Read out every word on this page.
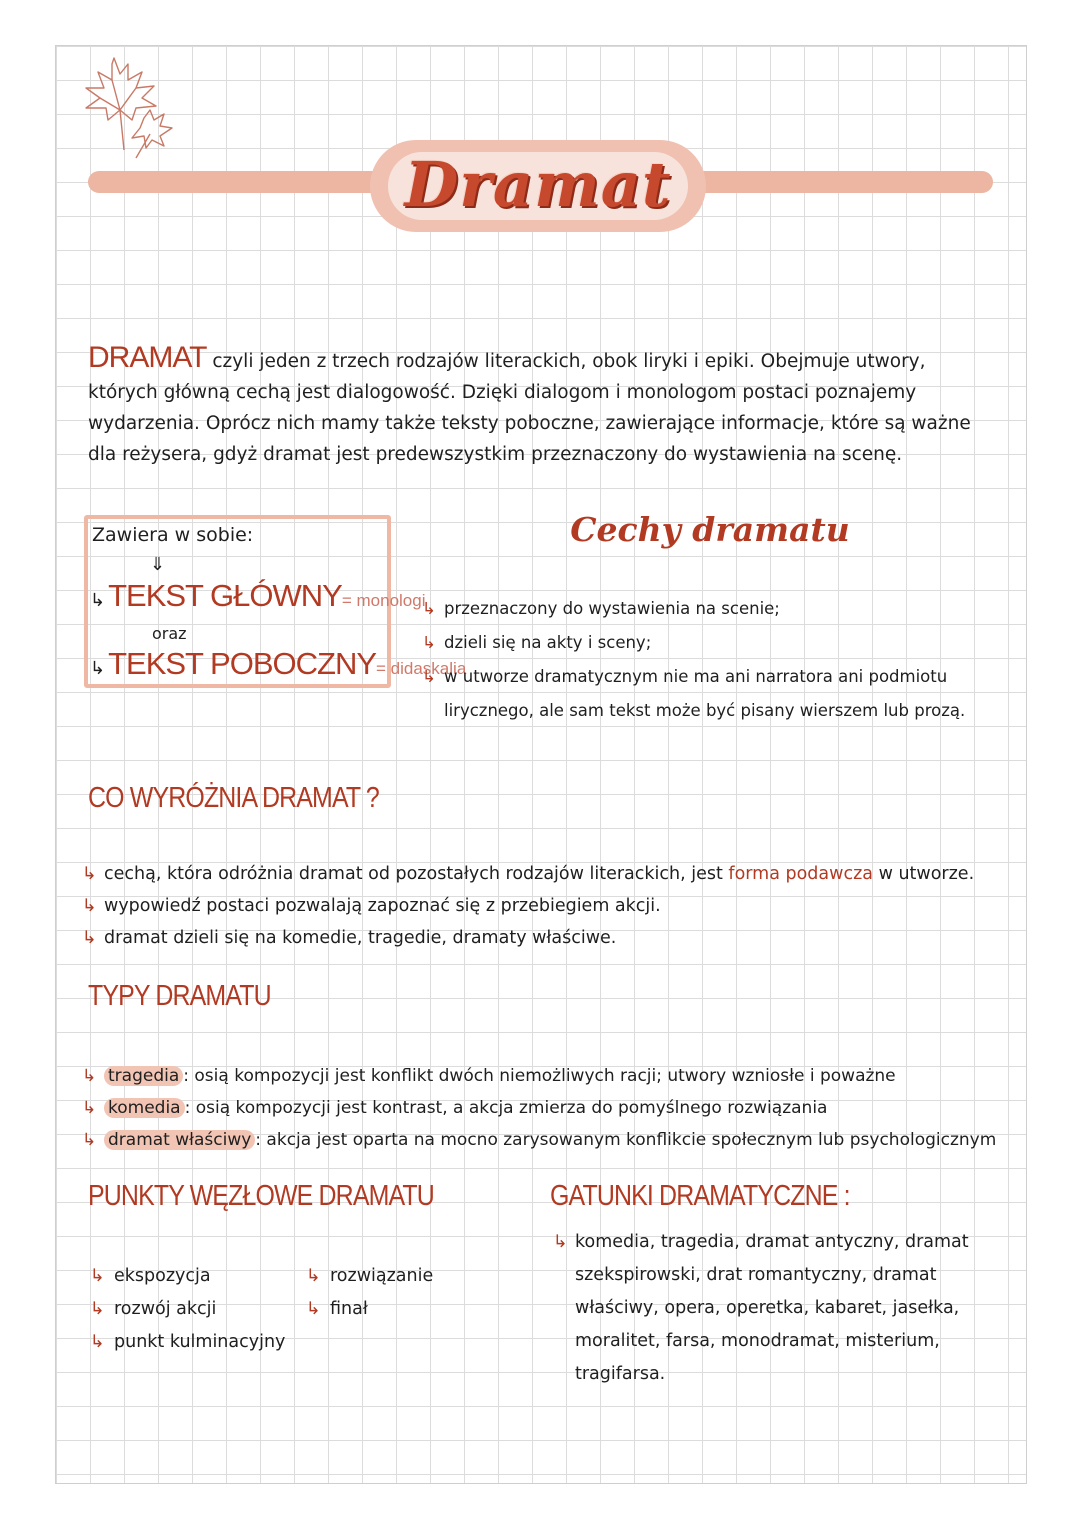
Dramat
DRAMAT czyli jeden z trzech rodzajów literackich, obok liryki i epiki. Obejmuje utwory, których główną cechą jest dialogowość. Dzięki dialogom i monologom postaci poznajemy wydarzenia. Oprócz nich mamy także teksty poboczne, zawierające informacje, które są ważne dla reżysera, gdyż dramat jest predewszystkim przeznaczony do wystawienia na scenę.
Zawiera w sobie:
⇓
↳ TEKST GŁÓWNY= monologi
oraz
↳ TEKST POBOCZNY= didaskalia
Cechy dramatu
↳ przeznaczony do wystawienia na scenie;
↳ dzieli się na akty i sceny;
↳ w utworze dramatycznym nie ma ani narratora ani podmiotu lirycznego, ale sam tekst może być pisany wierszem lub prozą.
CO WYRÓŻNIA DRAMAT ?
↳ cechą, która odróżnia dramat od pozostałych rodzajów literackich, jest forma podawcza w utworze.
↳ wypowiedź postaci pozwalają zapoznać się z przebiegiem akcji.
↳ dramat dzieli się na komedie, tragedie, dramaty właściwe.
TYPY DRAMATU
↳ tragedia : osią kompozycji jest konflikt dwóch niemożliwych racji; utwory wzniosłe i poważne
↳ komedia : osią kompozycji jest kontrast, a akcja zmierza do pomyślnego rozwiązania
↳ dramat właściwy : akcja jest oparta na mocno zarysowanym konflikcie społecznym lub psychologicznym
PUNKTY WĘZŁOWE DRAMATU
↳ ekspozycja
↳ rozwój akcji
↳ punkt kulminacyjny
↳ rozwiązanie
↳ finał
GATUNKI DRAMATYCZNE :
↳ komedia, tragedia, dramat antyczny, dramat szekspirowski, drat romantyczny, dramat właściwy, opera, operetka, kabaret, jasełka, moralitet, farsa, monodramat, misterium, tragifarsa.
